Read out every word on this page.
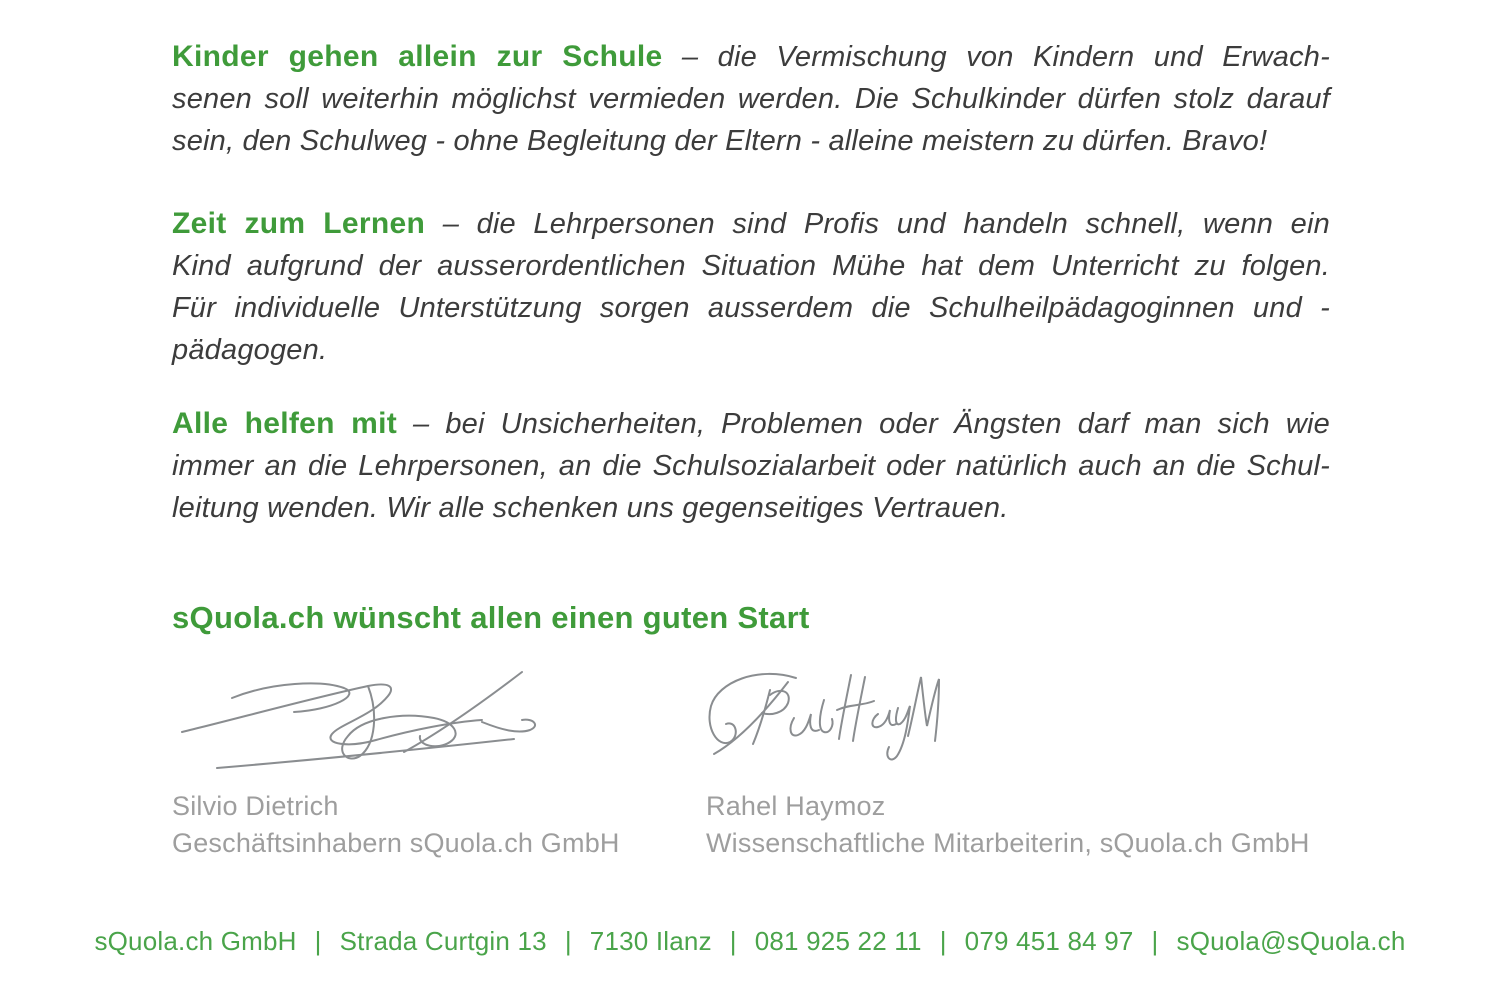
Kinder gehen allein zur Schule – die Vermischung von Kindern und Erwach-
senen soll weiterhin möglichst vermieden werden. Die Schulkinder dürfen stolz darauf
sein, den Schulweg - ohne Begleitung der Eltern - alleine meistern zu dürfen. Bravo!
Zeit zum Lernen – die Lehrpersonen sind Profis und handeln schnell, wenn ein
Kind aufgrund der ausserordentlichen Situation Mühe hat dem Unterricht zu folgen.
Für individuelle Unterstützung sorgen ausserdem die Schulheilpädagoginnen und -
pädagogen.
Alle helfen mit – bei Unsicherheiten, Problemen oder Ängsten darf man sich wie
immer an die Lehrpersonen, an die Schulsozialarbeit oder natürlich auch an die Schul-
leitung wenden. Wir alle schenken uns gegenseitiges Vertrauen.
sQuola.ch wünscht allen einen guten Start
Silvio Dietrich
Geschäftsinhabern sQuola.ch GmbH
Rahel Haymoz
Wissenschaftliche Mitarbeiterin, sQuola.ch GmbH
sQuola.ch GmbH | Strada Curtgin 13 | 7130 Ilanz | 081 925 22 11 | 079 451 84 97 | sQuola@sQuola.ch
